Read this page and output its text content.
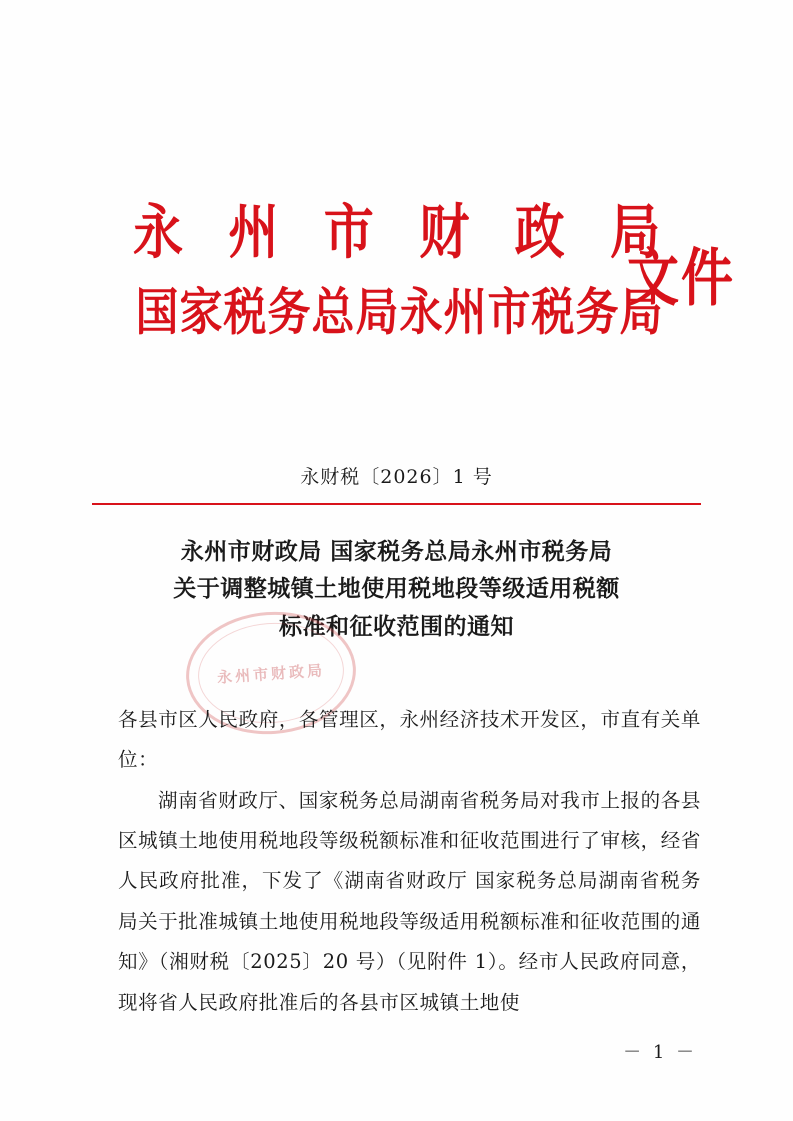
永 州 市 财 政 局
国家税务总局永州市税务局
文件
永财税〔2026〕1 号
永州市财政局 国家税务总局永州市税务局
关于调整城镇土地使用税地段等级适用税额
标准和征收范围的通知
永州市财政局

各县市区人民政府，各管理区，永州经济技术开发区，市直有关单位：

湖南省财政厅、国家税务总局湖南省税务局对我市上报的各县区城镇土地使用税地段等级税额标准和征收范围进行了审核，经省人民政府批准，下发了《湖南省财政厅 国家税务总局湖南省税务局关于批准城镇土地使用税地段等级适用税额标准和征收范围的通知》（湘财税〔2025〕20 号）（见附件 1）。经市人民政府同意，现将省人民政府批准后的各县市区城镇土地使

－ 1 －
